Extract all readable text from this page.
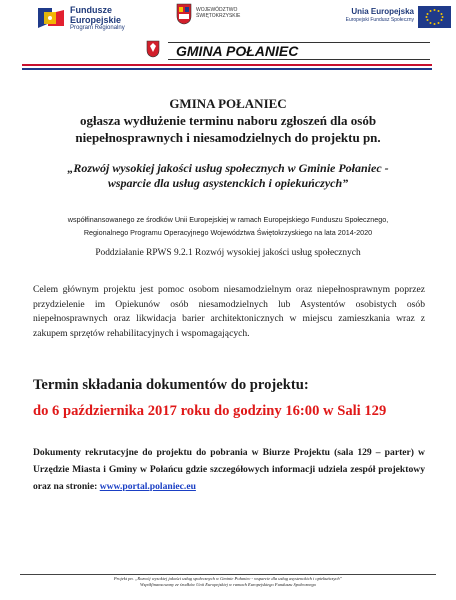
Fundusze
Europejskie
Program Regionalny
WOJEWÓDZTWO
ŚWIĘTOKRZYSKIE	Unia Europejska
Europejski Fundusz Społeczny
GMINA POŁANIEC
GMINA POŁANIEC
ogłasza wydłużenie terminu naboru zgłoszeń dla osób
niepełnosprawnych i niesamodzielnych do projektu pn.
„Rozwój wysokiej jakości usług społecznych w Gminie Połaniec -
wsparcie dla usług asystenckich i opiekuńczych”
współfinansowanego ze środków Unii Europejskiej w ramach Europejskiego Funduszu Społecznego,
Regionalnego Programu Operacyjnego Województwa Świętokrzyskiego na lata 2014-2020
Poddziałanie RPWS 9.2.1 Rozwój wysokiej jakości usług społecznych
Celem głównym projektu jest pomoc osobom niesamodzielnym oraz niepełnosprawnym poprzez przydzielenie im Opiekunów osób niesamodzielnych lub Asystentów osobistych osób niepełnosprawnych oraz likwidacja barier architektonicznych w miejscu zamieszkania wraz z zakupem sprzętów rehabilitacyjnych i wspomagających.
Termin składania dokumentów do projektu:
do 6 października 2017 roku do godziny 16:00 w Sali 129
Dokumenty rekrutacyjne do projektu do pobrania w Biurze Projektu (sala 129 – parter) w Urzędzie Miasta i Gminy w Połańcu gdzie szczegółowych informacji udziela zespół projektowy oraz na stronie: www.portal.polaniec.eu
Projekt pn. „Rozwój wysokiej jakości usług społecznych w Gminie Połaniec - wsparcie dla usług asystenckich i opiekuńczych”
Współfinansowany ze środków Unii Europejskiej w ramach Europejskiego Funduszu Społecznego
